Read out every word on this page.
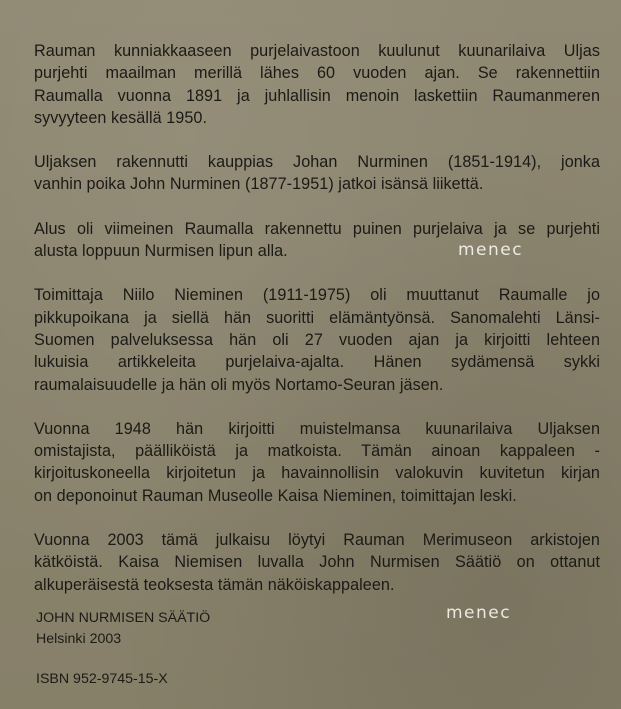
Rauman kunniakkaaseen purjelaivastoon kuulunut kuunarilaiva Uljas
purjehti maailman merillä lähes 60 vuoden ajan. Se rakennettiin
Raumalla vuonna 1891 ja juhlallisin menoin laskettiin Raumanmeren
syvyyteen kesällä 1950.

Uljaksen rakennutti kauppias Johan Nurminen (1851-1914), jonka
vanhin poika John Nurminen (1877-1951) jatkoi isänsä liikettä.

Alus oli viimeinen Raumalla rakennettu puinen purjelaiva ja se purjehti
alusta loppuun Nurmisen lipun alla.

Toimittaja Niilo Nieminen (1911-1975) oli muuttanut Raumalle jo
pikkupoikana ja siellä hän suoritti elämäntyönsä. Sanomalehti Länsi-
Suomen palveluksessa hän oli 27 vuoden ajan ja kirjoitti lehteen
lukuisia artikkeleita purjelaiva-ajalta. Hänen sydämensä sykki
raumalaisuudelle ja hän oli myös Nortamo-Seuran jäsen.

Vuonna 1948 hän kirjoitti muistelmansa kuunarilaiva Uljaksen
omistajista, päälliköistä ja matkoista. Tämän ainoan kappaleen -
kirjoituskoneella kirjoitetun ja havainnollisin valokuvin kuvitetun kirjan
on deponoinut Rauman Museolle Kaisa Nieminen, toimittajan leski.

Vuonna 2003 tämä julkaisu löytyi Rauman Merimuseon arkistojen
kätköistä. Kaisa Niemisen luvalla John Nurmisen Säätiö on ottanut
alkuperäisestä teoksesta tämän näköiskappaleen.

JOHN NURMISEN SÄÄTIÖ
Helsinki 2003
ISBN 952-9745-15-X
menec
menec
